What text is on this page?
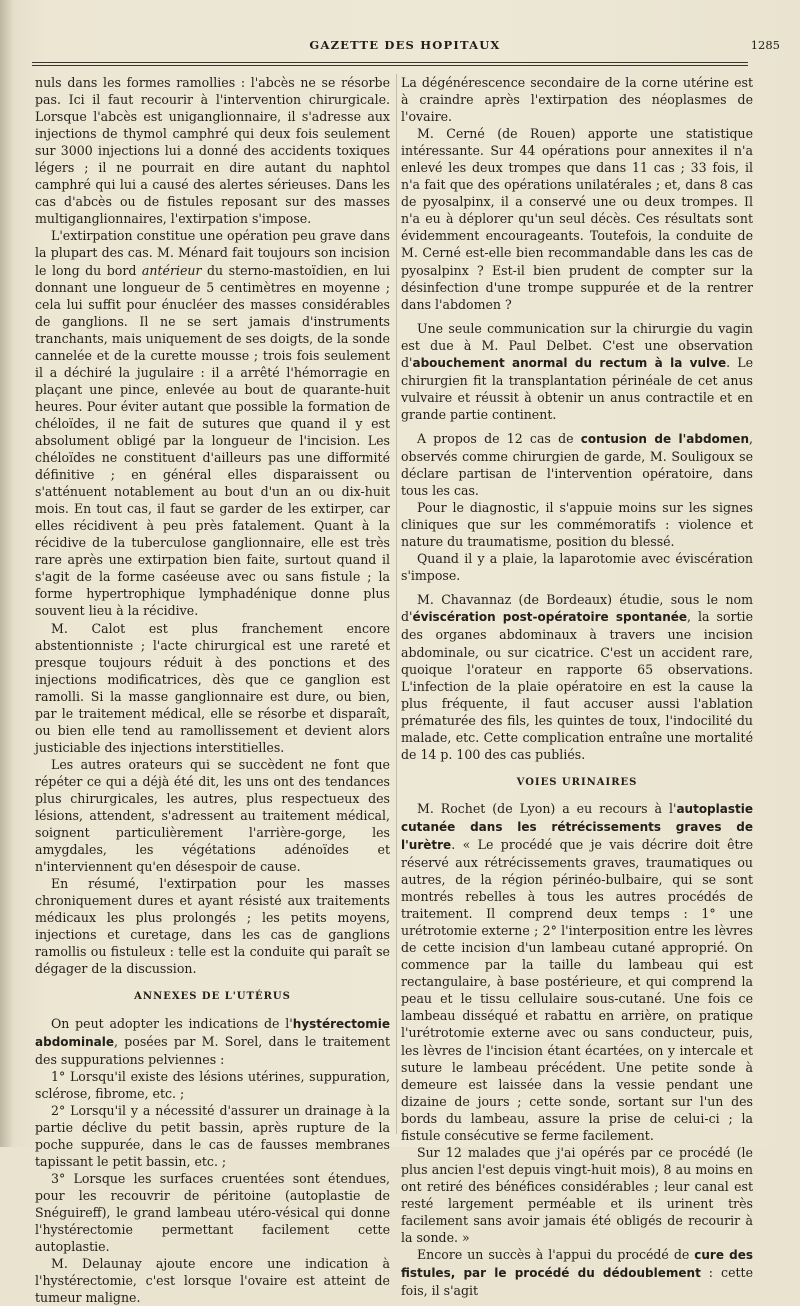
GAZETTE DES HOPITAUX	1285

nuls dans les formes ramollies : l'abcès ne se résorbe pas. Ici il faut recourir à l'intervention chirurgicale. Lorsque l'abcès est uniganglionnaire, il s'adresse aux injections de thymol camphré qui deux fois seulement sur 3000 injections lui a donné des accidents toxiques légers ; il ne pourrait en dire autant du naphtol camphré qui lui a causé des alertes sérieuses. Dans les cas d'abcès ou de fistules reposant sur des masses multiganglionnaires, l'extirpation s'impose.

L'extirpation constitue une opération peu grave dans la plupart des cas. M. Ménard fait toujours son incision le long du bord antérieur du sterno-mastoïdien, en lui donnant une longueur de 5 centimètres en moyenne ; cela lui suffit pour énucléer des masses considérables de ganglions. Il ne se sert jamais d'instruments tranchants, mais uniquement de ses doigts, de la sonde cannelée et de la curette mousse ; trois fois seulement il a déchiré la jugulaire : il a arrêté l'hémorragie en plaçant une pince, enlevée au bout de quarante-huit heures. Pour éviter autant que possible la formation de chéloïdes, il ne fait de sutures que quand il y est absolument obligé par la longueur de l'incision. Les chéloïdes ne constituent d'ailleurs pas une difformité définitive ; en général elles disparaissent ou s'atténuent notablement au bout d'un an ou dix-huit mois. En tout cas, il faut se garder de les extirper, car elles récidivent à peu près fatalement. Quant à la récidive de la tuberculose ganglionnaire, elle est très rare après une extirpation bien faite, surtout quand il s'agit de la forme caséeuse avec ou sans fistule ; la forme hypertrophique lymphadénique donne plus souvent lieu à la récidive.

M. Calot est plus franchement encore abstentionniste ; l'acte chirurgical est une rareté et presque toujours réduit à des ponctions et des injections modificatrices, dès que ce ganglion est ramolli. Si la masse ganglionnaire est dure, ou bien, par le traitement médical, elle se résorbe et disparaît, ou bien elle tend au ramollissement et devient alors justiciable des injections interstitielles.

Les autres orateurs qui se succèdent ne font que répéter ce qui a déjà été dit, les uns ont des tendances plus chirurgicales, les autres, plus respectueux des lésions, attendent, s'adressent au traitement médical, soignent particulièrement l'arrière-gorge, les amygdales, les végétations adénoïdes et n'interviennent qu'en désespoir de cause.

En résumé, l'extirpation pour les masses chroniquement dures et ayant résisté aux traitements médicaux les plus prolongés ; les petits moyens, injections et curetage, dans les cas de ganglions ramollis ou fistuleux : telle est la conduite qui paraît se dégager de la discussion.

ANNEXES DE L'UTÉRUS

On peut adopter les indications de l'hystérectomie abdominale, posées par M. Sorel, dans le traitement des suppurations pelviennes :

1° Lorsqu'il existe des lésions utérines, suppuration, sclérose, fibrome, etc. ;

2° Lorsqu'il y a nécessité d'assurer un drainage à la partie déclive du petit bassin, après rupture de la poche suppurée, dans le cas de fausses membranes tapissant le petit bassin, etc. ;

3° Lorsque les surfaces cruentées sont étendues, pour les recouvrir de péritoine (autoplastie de Snéguireff), le grand lambeau utéro-vésical qui donne l'hystérectomie permettant facilement cette autoplastie.

M. Delaunay ajoute encore une indication à l'hystérectomie, c'est lorsque l'ovaire est atteint de tumeur maligne.

La dégénérescence secondaire de la corne utérine est à craindre après l'extirpation des néoplasmes de l'ovaire.

M. Cerné (de Rouen) apporte une statistique intéressante. Sur 44 opérations pour annexites il n'a enlevé les deux trompes que dans 11 cas ; 33 fois, il n'a fait que des opérations unilatérales ; et, dans 8 cas de pyosalpinx, il a conservé une ou deux trompes. Il n'a eu à déplorer qu'un seul décès. Ces résultats sont évidemment encourageants. Toutefois, la conduite de M. Cerné est-elle bien recommandable dans les cas de pyosalpinx ? Est-il bien prudent de compter sur la désinfection d'une trompe suppurée et de la rentrer dans l'abdomen ?

Une seule communication sur la chirurgie du vagin est due à M. Paul Delbet. C'est une observation d'abouchement anormal du rectum à la vulve. Le chirurgien fit la transplantation périnéale de cet anus vulvaire et réussit à obtenir un anus contractile et en grande partie continent.

A propos de 12 cas de contusion de l'abdomen, observés comme chirurgien de garde, M. Souligoux se déclare partisan de l'intervention opératoire, dans tous les cas.

Pour le diagnostic, il s'appuie moins sur les signes cliniques que sur les commémoratifs : violence et nature du traumatisme, position du blessé.

Quand il y a plaie, la laparotomie avec éviscération s'impose.

M. Chavannaz (de Bordeaux) étudie, sous le nom d'éviscération post-opératoire spontanée, la sortie des organes abdominaux à travers une incision abdominale, ou sur cicatrice. C'est un accident rare, quoique l'orateur en rapporte 65 observations. L'infection de la plaie opératoire en est la cause la plus fréquente, il faut accuser aussi l'ablation prématurée des fils, les quintes de toux, l'indocilité du malade, etc. Cette complication entraîne une mortalité de 14 p. 100 des cas publiés.

VOIES URINAIRES

M. Rochet (de Lyon) a eu recours à l'autoplastie cutanée dans les rétrécissements graves de l'urètre. « Le procédé que je vais décrire doit être réservé aux rétrécissements graves, traumatiques ou autres, de la région périnéo-bulbaire, qui se sont montrés rebelles à tous les autres procédés de traitement. Il comprend deux temps : 1° une urétrotomie externe ; 2° l'interposition entre les lèvres de cette incision d'un lambeau cutané approprié. On commence par la taille du lambeau qui est rectangulaire, à base postérieure, et qui comprend la peau et le tissu cellulaire sous-cutané. Une fois ce lambeau disséqué et rabattu en arrière, on pratique l'urétrotomie externe avec ou sans conducteur, puis, les lèvres de l'incision étant écartées, on y intercale et suture le lambeau précédent. Une petite sonde à demeure est laissée dans la vessie pendant une dizaine de jours ; cette sonde, sortant sur l'un des bords du lambeau, assure la prise de celui-ci ; la fistule consécutive se ferme facilement.

Sur 12 malades que j'ai opérés par ce procédé (le plus ancien l'est depuis vingt-huit mois), 8 au moins en ont retiré des bénéfices considérables ; leur canal est resté largement perméable et ils urinent très facilement sans avoir jamais été obligés de recourir à la sonde. »

Encore un succès à l'appui du procédé de cure des fistules, par le procédé du dédoublement : cette fois, il s'agit
